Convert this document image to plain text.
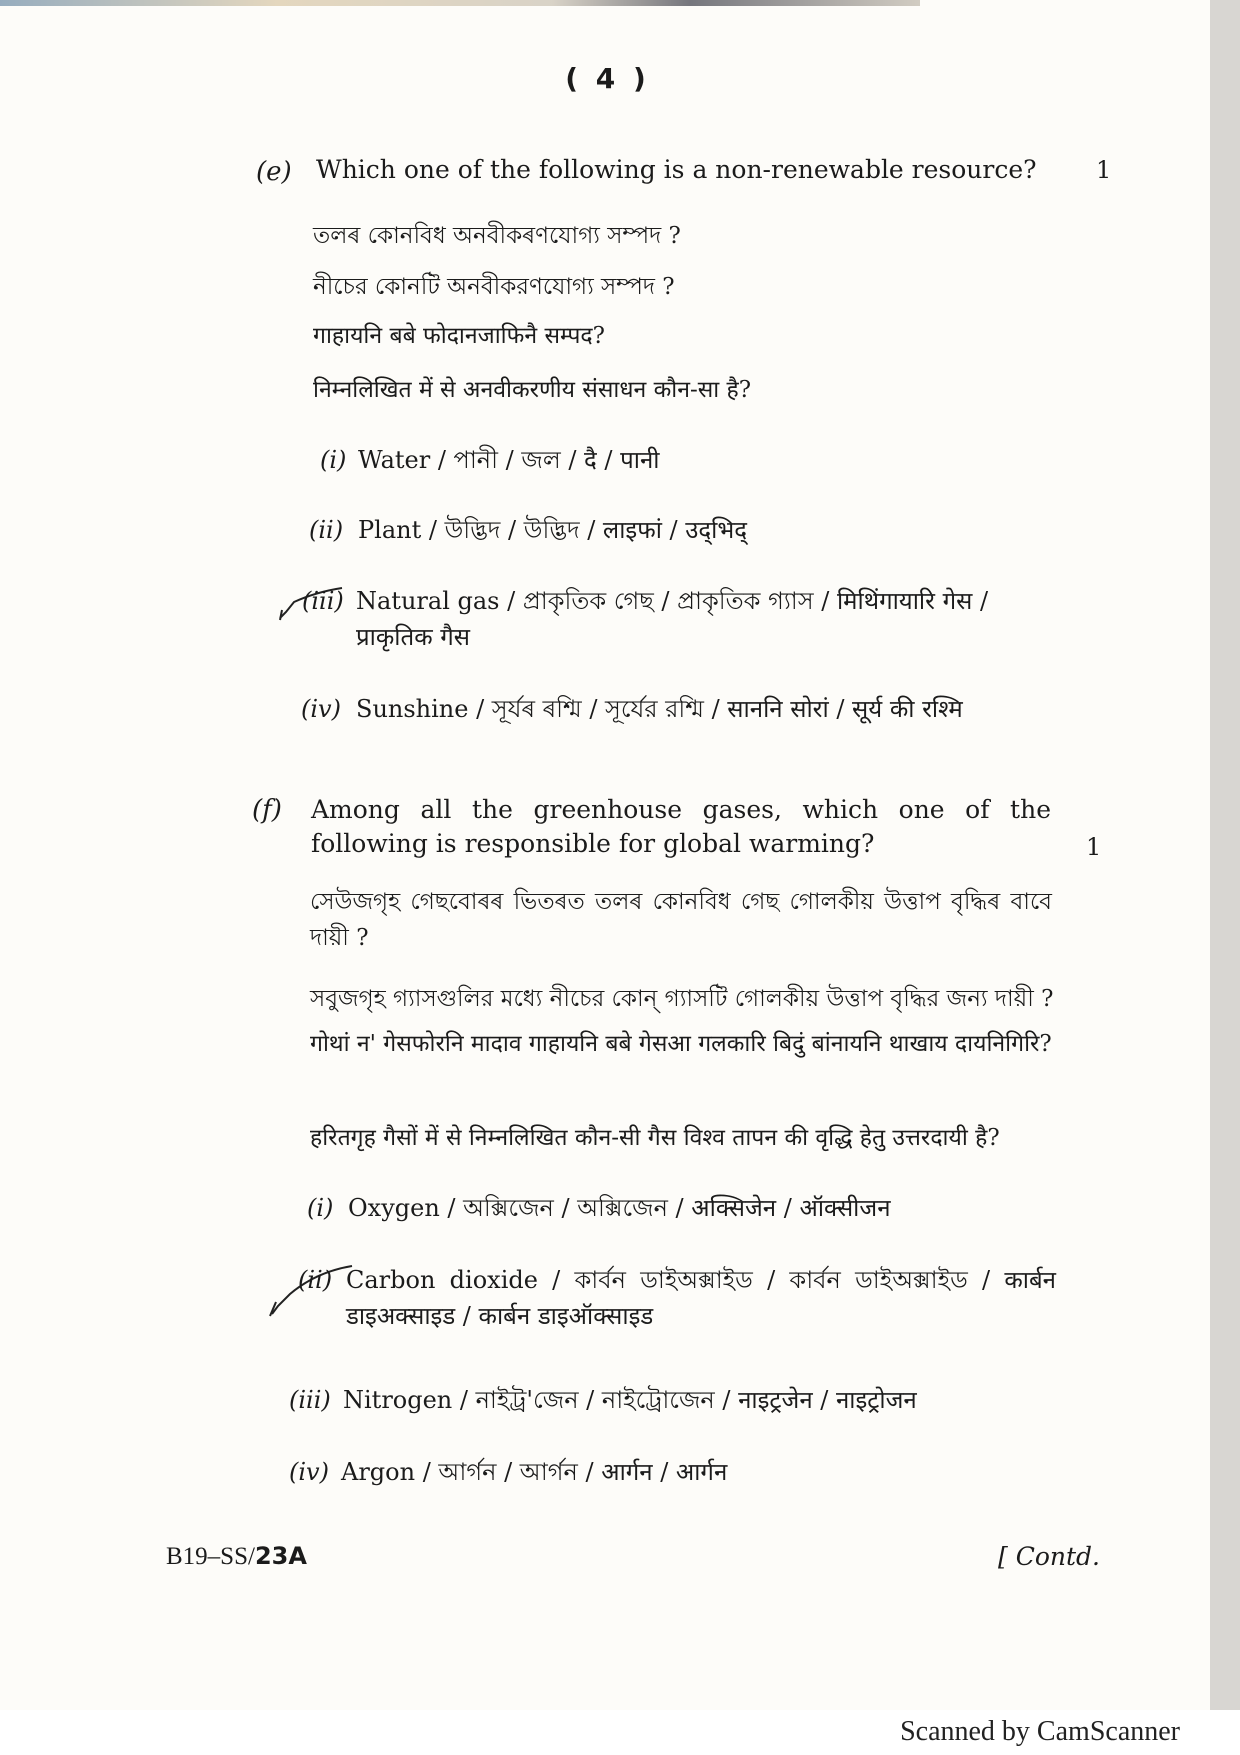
( 4 )
(e) Which one of the following is a non-renewable resource? 1
তলৰ কোনবিধ অনবীকৰণযোগ্য সম্পদ ?
নীচের কোনটি অনবীকরণযোগ্য সম্পদ ?
गाहायनि बबे फोदानजाफिनै सम्पद?
निम्नलिखित में से अनवीकरणीय संसाधन कौन-सा है?
(i) Water / পানী / জল / दै / पानी
(ii) Plant / উদ্ভিদ / উদ্ভিদ / लाइफां / उद्‌भिद्
(iii) Natural gas / প্ৰাকৃতিক গেছ / প্রাকৃতিক গ্যাস / मिथिंगायारि गेस / प्राकृतिक गैस
(iv) Sunshine / সূৰ্যৰ ৰশ্মি / সূর্যের রশ্মি / साननि सोरां / सूर्य की रश्मि
(f) Among all the greenhouse gases, which one of the following is responsible for global warming?	1
সেউজগৃহ গেছবোৰৰ ভিতৰত তলৰ কোনবিধ গেছ গোলকীয় উত্তাপ বৃদ্ধিৰ বাবে দায়ী ?
সবুজগৃহ গ্যাসগুলির মধ্যে নীচের কোন্ গ্যাসটি গোলকীয় উত্তাপ বৃদ্ধির জন্য দায়ী ?
गोथां न' गेसफोरनि मादाव गाहायनि बबे गेसआ गलकारि बिदुं बांनायनि थाखाय दायनिगिरि?
हरितगृह गैसों में से निम्नलिखित कौन-सी गैस विश्व तापन की वृद्धि हेतु उत्तरदायी है?
(i) Oxygen / অক্সিজেন / অক্সিজেন / अक्सिजेन / ऑक्सीजन
(ii) Carbon dioxide / কাৰ্বন ডাইঅক্সাইড / কার্বন ডাইঅক্সাইড / कार्बन डाइअक्साइड / कार्बन डाइऑक्साइड
(iii) Nitrogen / নাইট্ৰ'জেন / নাইট্রোজেন / नाइट्रजेन / नाइट्रोजन
(iv) Argon / আৰ্গন / আর্গন / आर्गन / आर्गन
B19–SS/23A	[ Contd.
Scanned by CamScanner
